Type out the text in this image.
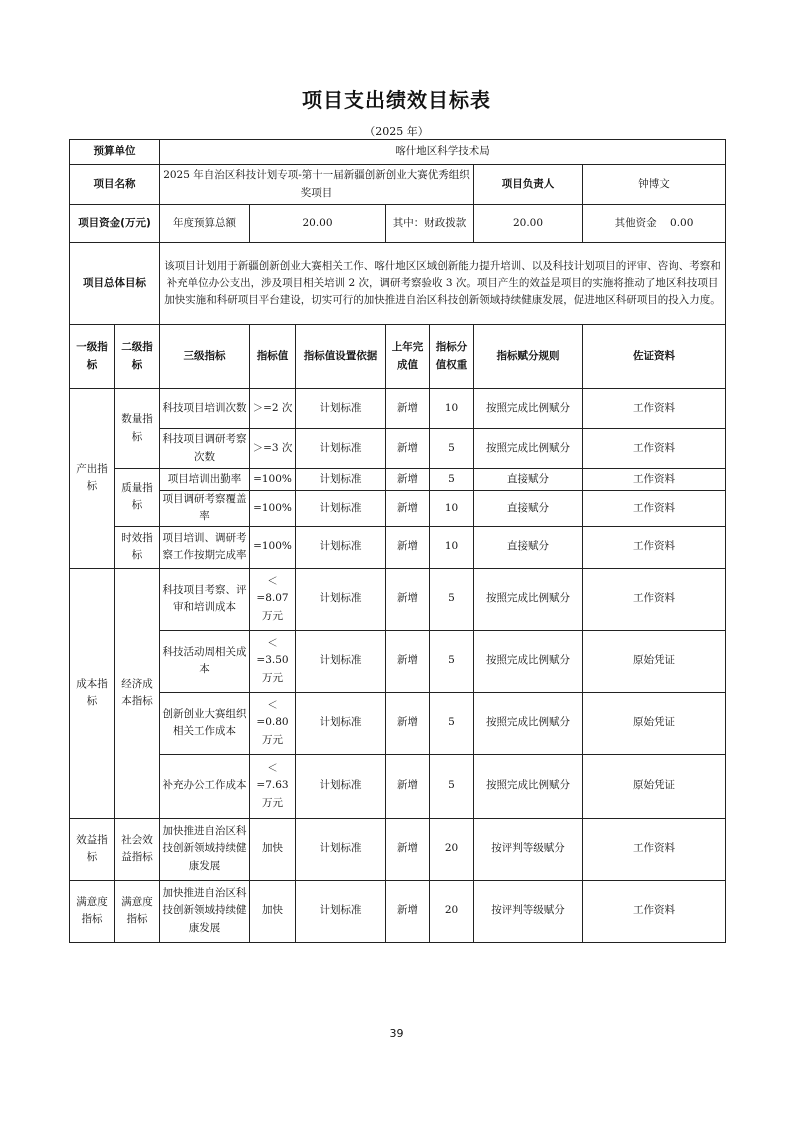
项目支出绩效目标表
（2025 年）
预算单位		喀什地区科学技术局						
项目名称		2025 年自治区科技计划专项-第十一届新疆创新创业大赛优秀组织奖项目					项目负责人	钟博文
项目资金(万元)		年度预算总额	20.00		其中：财政拨款		20.00	其他资金 0.00
项目总体目标		该项目计划用于新疆创新创业大赛相关工作、喀什地区区域创新能力提升培训、以及科技计划项目的评审、咨询、考察和补充单位办公支出，涉及项目相关培训 2 次，调研考察验收 3 次。项目产生的效益是项目的实施将推动了地区科技项目加快实施和科研项目平台建设，切实可行的加快推进自治区科技创新领域持续健康发展，促进地区科研项目的投入力度。						
一级指标	二级指标	三级指标	指标值	指标值设置依据	上年完成值	指标分值权重	指标赋分规则	佐证资料
产出指标	数量指标	科技项目培训次数	＞=2 次	计划标准	新增	10	按照完成比例赋分	工作资料
		科技项目调研考察次数	＞=3 次	计划标准	新增	5	按照完成比例赋分	工作资料
	质量指标	项目培训出勤率	=100%	计划标准	新增	5	直接赋分	工作资料
		项目调研考察覆盖率	=100%	计划标准	新增	10	直接赋分	工作资料
	时效指标	项目培训、调研考察工作按期完成率	=100%	计划标准	新增	10	直接赋分	工作资料
成本指标	经济成本指标	科技项目考察、评审和培训成本	＜ =8.07 万元	计划标准	新增	5	按照完成比例赋分	工作资料
		科技活动周相关成本	＜ =3.50 万元	计划标准	新增	5	按照完成比例赋分	原始凭证
		创新创业大赛组织相关工作成本	＜ =0.80 万元	计划标准	新增	5	按照完成比例赋分	原始凭证
		补充办公工作成本	＜ =7.63 万元	计划标准	新增	5	按照完成比例赋分	原始凭证
效益指标	社会效益指标	加快推进自治区科技创新领域持续健康发展	加快	计划标准	新增	20	按评判等级赋分	工作资料
满意度指标	满意度指标	加快推进自治区科技创新领域持续健康发展	加快	计划标准	新增	20	按评判等级赋分	工作资料
39
